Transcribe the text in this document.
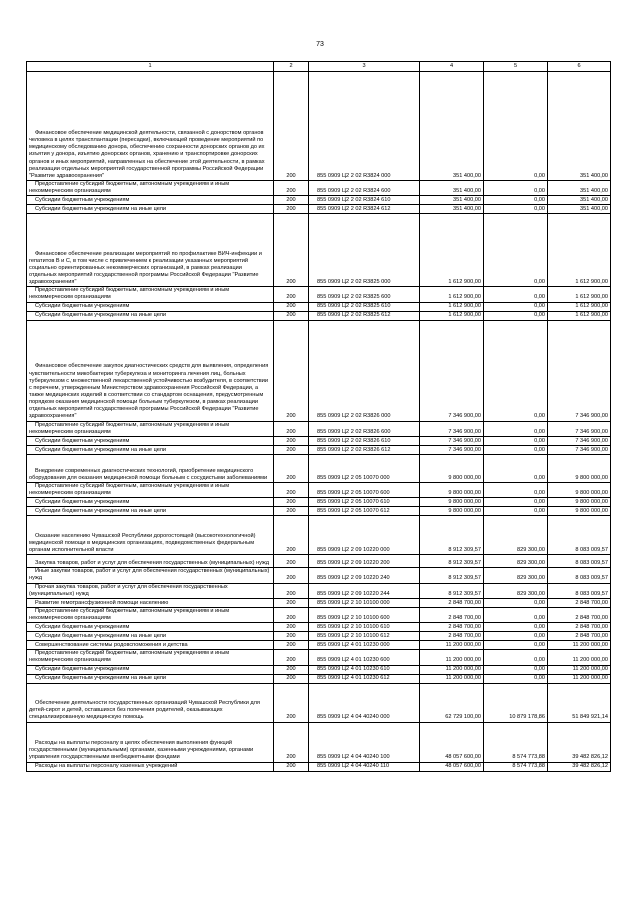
73
1	2	3	4	5	6

Финансовое обеспечение медицинской деятельности, связанной с донорством органов человека в целях трансплантации (пересадки), включающей проведение мероприятий по медицинскому обследованию донора, обеспечению сохранности донорских органов до их изъятия у донора, изъятию донорских органов, хранению и транспортировке донорских органов и иных мероприятий, направленных на обеспечение этой деятельности, в рамках реализации отдельных мероприятий государственной программы Российской Федерации "Развитие здравоохранения"	200	855 0909 Ц2 2 02 R3824 000	351 400,00	0,00	351 400,00

Предоставление субсидий бюджетным, автономным учреждениям и иным некоммерческим организациям	200	855 0909 Ц2 2 02 R3824 600	351 400,00	0,00	351 400,00

Субсидии бюджетным учреждениям	200	855 0909 Ц2 2 02 R3824 610	351 400,00	0,00	351 400,00

Субсидии бюджетным учреждениям на иные цели	200	855 0909 Ц2 2 02 R3824 612	351 400,00	0,00	351 400,00

Финансовое обеспечение реализации мероприятий по профилактике ВИЧ-инфекции и гепатитов В и С, в том числе с привлечением к реализации указанных мероприятий социально ориентированных некоммерческих организаций, в рамках реализации отдельных мероприятий государственной программы Российской Федерации "Развитие здравоохранения"	200	855 0909 Ц2 2 02 R3825 000	1 612 900,00	0,00	1 612 900,00

Предоставление субсидий бюджетным, автономным учреждениям и иным некоммерческим организациям	200	855 0909 Ц2 2 02 R3825 600	1 612 900,00	0,00	1 612 900,00

Субсидии бюджетным учреждениям	200	855 0909 Ц2 2 02 R3825 610	1 612 900,00	0,00	1 612 900,00

Субсидии бюджетным учреждениям на иные цели	200	855 0909 Ц2 2 02 R3825 612	1 612 900,00	0,00	1 612 900,00

Финансовое обеспечение закупок диагностических средств для выявления, определения чувствительности микобактерии туберкулеза и мониторинга лечения лиц, больных туберкулезом с множественной лекарственной устойчивостью возбудителя, в соответствии с перечнем, утвержденным Министерством здравоохранения Российской Федерации, а также медицинских изделий в соответствии со стандартом оснащения, предусмотренным порядком оказания медицинской помощи больным туберкулезом, в рамках реализации отдельных мероприятий государственной программы Российской Федерации "Развитие здравоохранения"	200	855 0909 Ц2 2 02 R3826 000	7 346 900,00	0,00	7 346 900,00

Предоставление субсидий бюджетным, автономным учреждениям и иным некоммерческим организациям	200	855 0909 Ц2 2 02 R3826 600	7 346 900,00	0,00	7 346 900,00

Субсидии бюджетным учреждениям	200	855 0909 Ц2 2 02 R3826 610	7 346 900,00	0,00	7 346 900,00

Субсидии бюджетным учреждениям на иные цели	200	855 0909 Ц2 2 02 R3826 612	7 346 900,00	0,00	7 346 900,00

Внедрение современных диагностических технологий, приобретение медицинского оборудования для оказания медицинской помощи больным с сосудистыми заболеваниями	200	855 0909 Ц2 2 05 10070 000	9 800 000,00	0,00	9 800 000,00

Предоставление субсидий бюджетным, автономным учреждениям и иным некоммерческим организациям	200	855 0909 Ц2 2 05 10070 600	9 800 000,00	0,00	9 800 000,00

Субсидии бюджетным учреждениям	200	855 0909 Ц2 2 05 10070 610	9 800 000,00	0,00	9 800 000,00

Субсидии бюджетным учреждениям на иные цели	200	855 0909 Ц2 2 05 10070 612	9 800 000,00	0,00	9 800 000,00

Оказание населению Чувашской Республики дорогостоящей (высокотехнологичной) медицинской помощи в медицинских организациях, подведомственных федеральным органам исполнительной власти	200	855 0909 Ц2 2 09 10220 000	8 912 309,57	829 300,00	8 083 009,57

Закупка товаров, работ и услуг для обеспечения государственных (муниципальных) нужд	200	855 0909 Ц2 2 09 10220 200	8 912 309,57	829 300,00	8 083 009,57

Иные закупки товаров, работ и услуг для обеспечения государственных (муниципальных) нужд	200	855 0909 Ц2 2 09 10220 240	8 912 309,57	829 300,00	8 083 009,57

Прочая закупка товаров, работ и услуг для обеспечения государственных (муниципальных) нужд	200	855 0909 Ц2 2 09 10220 244	8 912 309,57	829 300,00	8 083 009,57

Развитие гемотрансфузионной помощи населению	200	855 0909 Ц2 2 10 10100 000	2 848 700,00	0,00	2 848 700,00

Предоставление субсидий бюджетным, автономным учреждениям и иным некоммерческим организациям	200	855 0909 Ц2 2 10 10100 600	2 848 700,00	0,00	2 848 700,00

Субсидии бюджетным учреждениям	200	855 0909 Ц2 2 10 10100 610	2 848 700,00	0,00	2 848 700,00

Субсидии бюджетным учреждениям на иные цели	200	855 0909 Ц2 2 10 10100 612	2 848 700,00	0,00	2 848 700,00

Совершенствование системы родовспоможения и детства	200	855 0909 Ц2 4 01 10230 000	11 200 000,00	0,00	11 200 000,00

Предоставление субсидий бюджетным, автономным учреждениям и иным некоммерческим организациям	200	855 0909 Ц2 4 01 10230 600	11 200 000,00	0,00	11 200 000,00

Субсидии бюджетным учреждениям	200	855 0909 Ц2 4 01 10230 610	11 200 000,00	0,00	11 200 000,00

Субсидии бюджетным учреждениям на иные цели	200	855 0909 Ц2 4 01 10230 612	11 200 000,00	0,00	11 200 000,00

Обеспечение деятельности государственных организаций Чувашской Республики для детей-сирот и детей, оставшихся без попечения родителей, оказывающих специализированную медицинскую помощь	200	855 0909 Ц2 4 04 40240 000	62 729 100,00	10 879 178,86	51 849 921,14

Расходы на выплаты персоналу в целях обеспечения выполнения функций государственными (муниципальными) органами, казенными учреждениями, органами управления государственными внебюджетными фондами	200	855 0909 Ц2 4 04 40240 100	48 057 600,00	8 574 773,88	39 482 826,12

Расходы на выплаты персоналу казенных учреждений	200	855 0909 Ц2 4 04 40240 110	48 057 600,00	8 574 773,88	39 482 826,12
